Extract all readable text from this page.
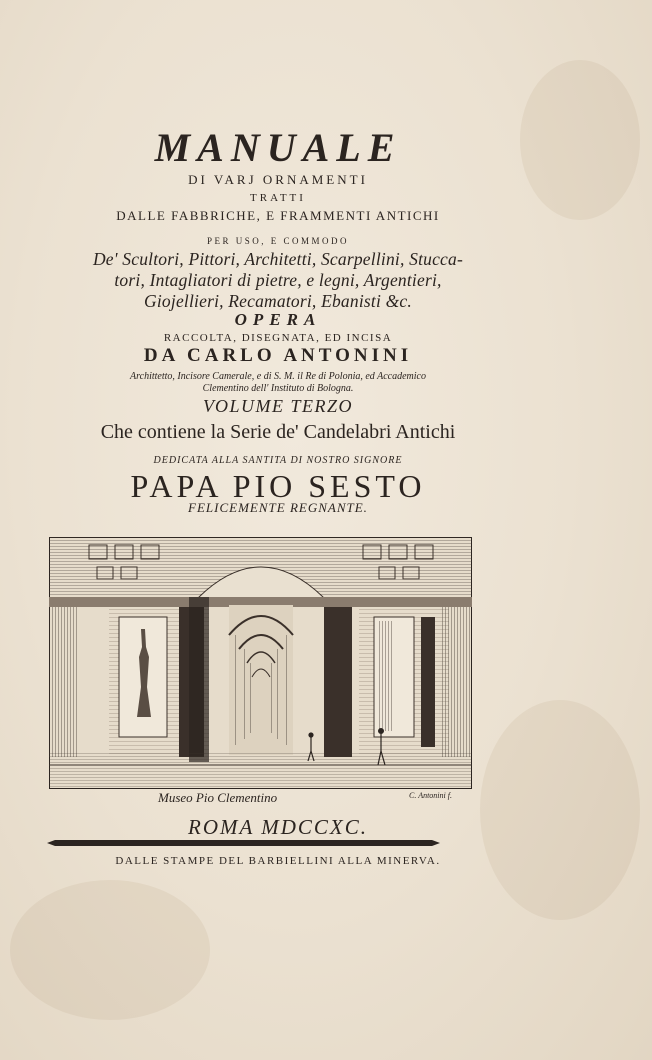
MANUALE
DI VARJ ORNAMENTI
TRATTI
DALLE FABBRICHE, E FRAMMENTI ANTICHI
PER USO, E COMMODO
De' Scultori, Pittori, Architetti, Scarpellini, Stucca-
tori, Intagliatori di pietre, e legni, Argentieri,
Giojellieri, Recamatori, Ebanisti &c.
OPERA
RACCOLTA, DISEGNATA, ED INCISA
DA CARLO ANTONINI
Archittetto, Incisore Camerale, e di S. M. il Re di Polonia, ed Accademico
Clementino dell' Instituto di Bologna.
VOLUME TERZO
Che contiene la Serie de' Candelabri Antichi
DEDICATA ALLA SANTITA DI NOSTRO SIGNORE
PAPA PIO SESTO
FELICEMENTE REGNANTE.
Museo Pio Clementino	C. Antonini f.
ROMA MDCCXC.
DALLE STAMPE DEL BARBIELLINI ALLA MINERVA.
